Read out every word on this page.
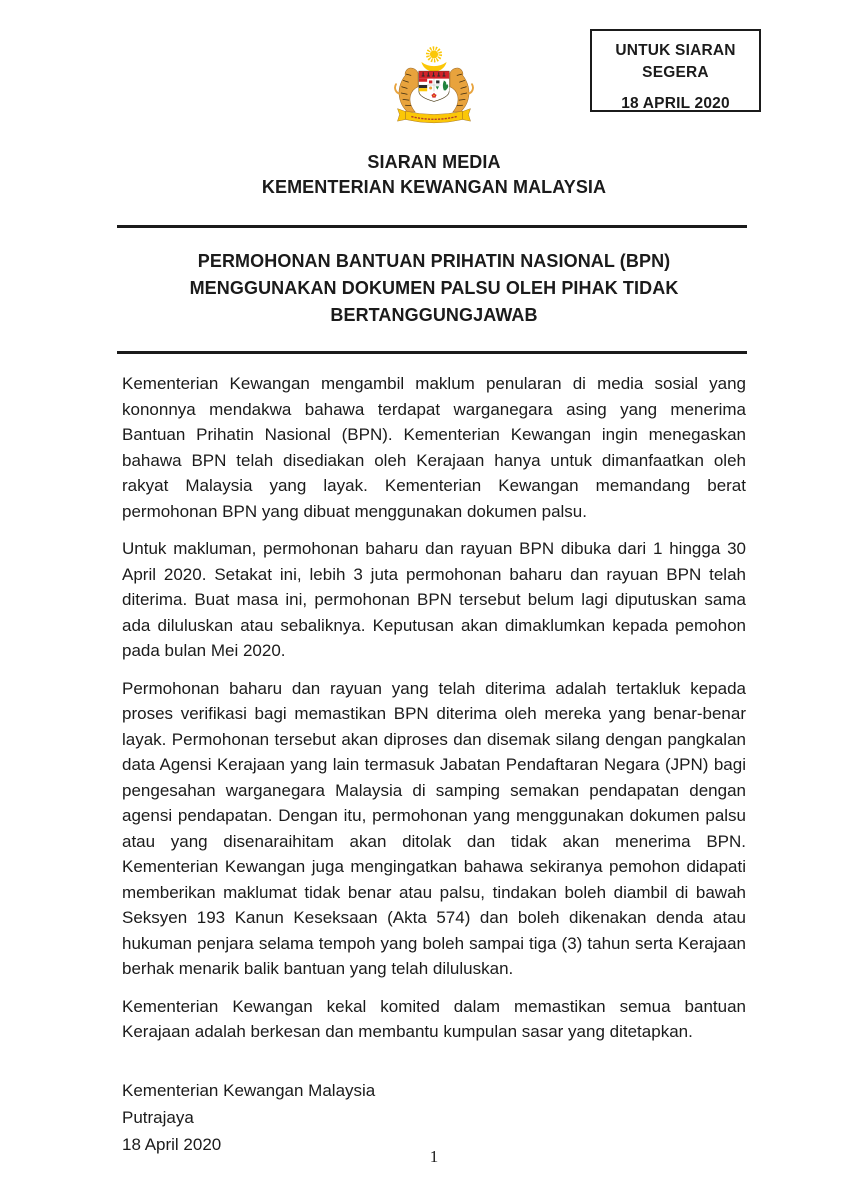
UNTUK SIARAN
SEGERA
18 APRIL 2020
SIARAN MEDIA
KEMENTERIAN KEWANGAN MALAYSIA
PERMOHONAN BANTUAN PRIHATIN NASIONAL (BPN) MENGGUNAKAN DOKUMEN PALSU OLEH PIHAK TIDAK BERTANGGUNGJAWAB

Kementerian Kewangan mengambil maklum penularan di media sosial yang kononnya mendakwa bahawa terdapat warganegara asing yang menerima Bantuan Prihatin Nasional (BPN). Kementerian Kewangan ingin menegaskan bahawa BPN telah disediakan oleh Kerajaan hanya untuk dimanfaatkan oleh rakyat Malaysia yang layak. Kementerian Kewangan memandang berat permohonan BPN yang dibuat menggunakan dokumen palsu.

Untuk makluman, permohonan baharu dan rayuan BPN dibuka dari 1 hingga 30 April 2020. Setakat ini, lebih 3 juta permohonan baharu dan rayuan BPN telah diterima. Buat masa ini, permohonan BPN tersebut belum lagi diputuskan sama ada diluluskan atau sebaliknya. Keputusan akan dimaklumkan kepada pemohon pada bulan Mei 2020.

Permohonan baharu dan rayuan yang telah diterima adalah tertakluk kepada proses verifikasi bagi memastikan BPN diterima oleh mereka yang benar-benar layak. Permohonan tersebut akan diproses dan disemak silang dengan pangkalan data Agensi Kerajaan yang lain termasuk Jabatan Pendaftaran Negara (JPN) bagi pengesahan warganegara Malaysia di samping semakan pendapatan dengan agensi pendapatan. Dengan itu, permohonan yang menggunakan dokumen palsu atau yang disenaraihitam akan ditolak dan tidak akan menerima BPN. Kementerian Kewangan juga mengingatkan bahawa sekiranya pemohon didapati memberikan maklumat tidak benar atau palsu, tindakan boleh diambil di bawah Seksyen 193 Kanun Keseksaan (Akta 574) dan boleh dikenakan denda atau hukuman penjara selama tempoh yang boleh sampai tiga (3) tahun serta Kerajaan berhak menarik balik bantuan yang telah diluluskan.

Kementerian Kewangan kekal komited dalam memastikan semua bantuan Kerajaan adalah berkesan dan membantu kumpulan sasar yang ditetapkan.

Kementerian Kewangan Malaysia
Putrajaya
18 April 2020
1
